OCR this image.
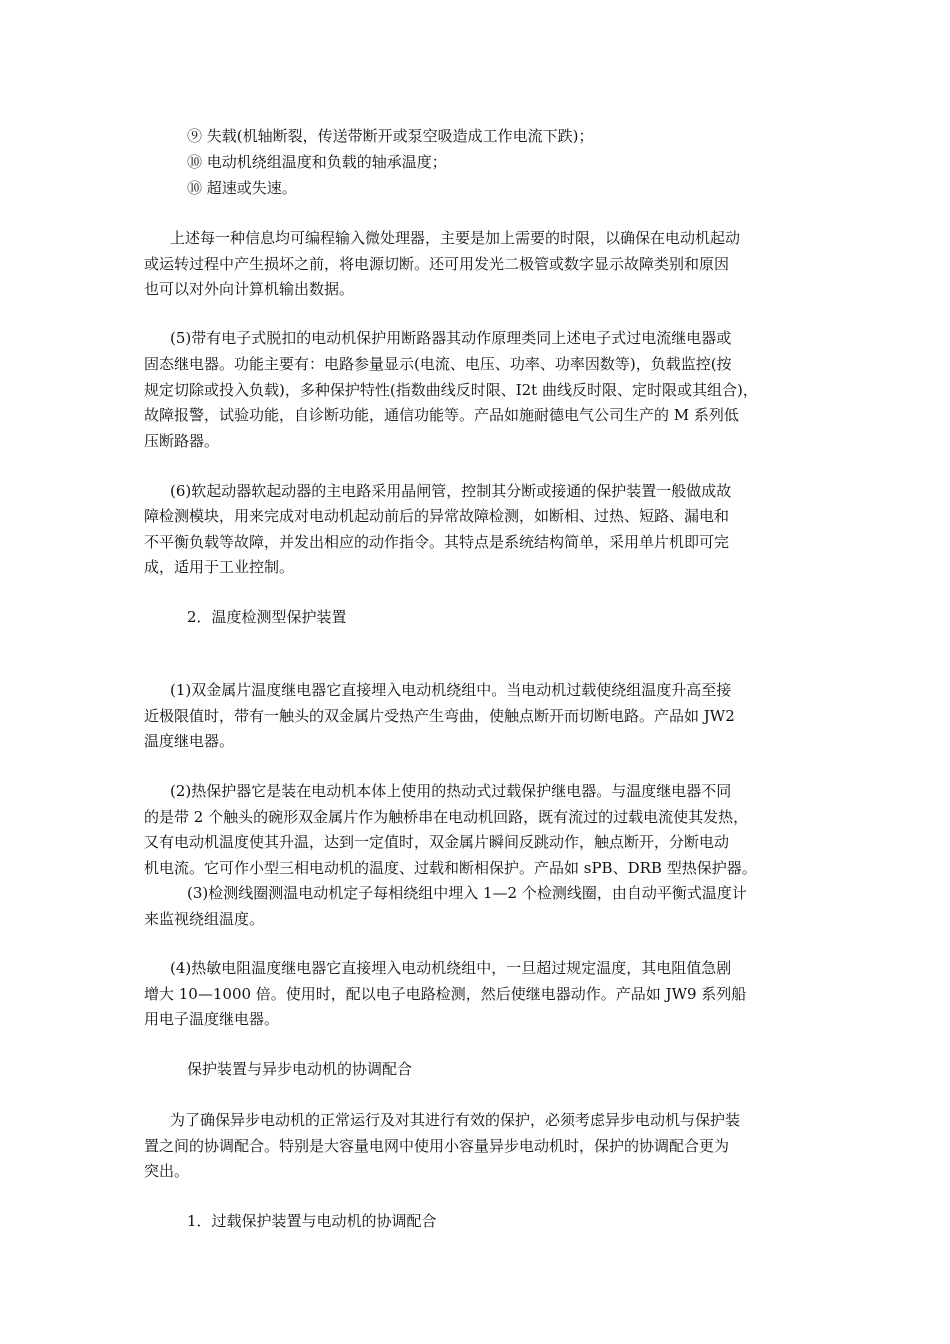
⑨ 失载(机轴断裂，传送带断开或泵空吸造成工作电流下跌)；
⑩ 电动机绕组温度和负载的轴承温度；
⑩ 超速或失速。
上述每一种信息均可编程输入微处理器，主要是加上需要的时限，以确保在电动机起动
或运转过程中产生损坏之前，将电源切断。还可用发光二极管或数字显示故障类别和原因
也可以对外向计算机输出数据。
(5)带有电子式脱扣的电动机保护用断路器其动作原理类同上述电子式过电流继电器或
固态继电器。功能主要有：电路参量显示(电流、电压、功率、功率因数等)，负载监控(按
规定切除或投入负载)，多种保护特性(指数曲线反时限、I2t 曲线反时限、定时限或其组合)，
故障报警，试验功能，自诊断功能，通信功能等。产品如施耐德电气公司生产的 M 系列低
压断路器。
(6)软起动器软起动器的主电路采用晶闸管，控制其分断或接通的保护装置一般做成故
障检测模块，用来完成对电动机起动前后的异常故障检测，如断相、过热、短路、漏电和
不平衡负载等故障，并发出相应的动作指令。其特点是系统结构简单，采用单片机即可完
成，适用于工业控制。
2．温度检测型保护装置
(1)双金属片温度继电器它直接埋入电动机绕组中。当电动机过载使绕组温度升高至接
近极限值时，带有一触头的双金属片受热产生弯曲，使触点断开而切断电路。产品如 JW2
温度继电器。
(2)热保护器它是装在电动机本体上使用的热动式过载保护继电器。与温度继电器不同
的是带 2 个触头的碗形双金属片作为触桥串在电动机回路，既有流过的过载电流使其发热，
又有电动机温度使其升温，达到一定值时，双金属片瞬间反跳动作，触点断开，分断电动
机电流。它可作小型三相电动机的温度、过载和断相保护。产品如 sPB、DRB 型热保护器。
(3)检测线圈测温电动机定子每相绕组中埋入 1—2 个检测线圈，由自动平衡式温度计
来监视绕组温度。
(4)热敏电阻温度继电器它直接埋入电动机绕组中，一旦超过规定温度，其电阻值急剧
增大 10—1000 倍。使用时，配以电子电路检测，然后使继电器动作。产品如 JW9 系列船
用电子温度继电器。
保护装置与异步电动机的协调配合
为了确保异步电动机的正常运行及对其进行有效的保护，必须考虑异步电动机与保护装
置之间的协调配合。特别是大容量电网中使用小容量异步电动机时，保护的协调配合更为
突出。
1．过载保护装置与电动机的协调配合
